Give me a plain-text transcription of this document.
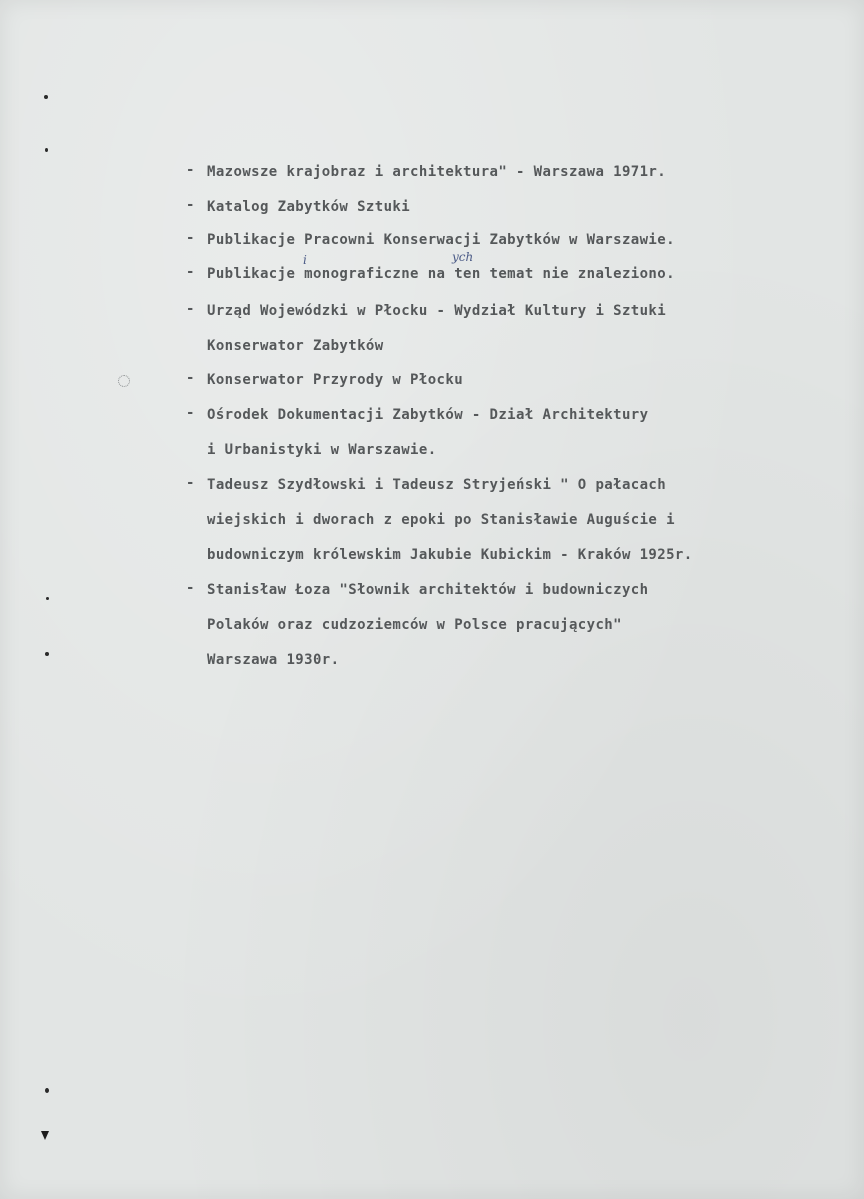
- Mazowsze krajobraz i architektura" - Warszawa 1971r.
- Katalog Zabytków Sztuki
- Publikacje Pracowni Konserwacji Zabytków w Warszawie.
- Publikacje monograficzne na ten temat nie znaleziono.
i	ych
- Urząd Wojewódzki w Płocku - Wydział Kultury i Sztuki
Konserwator Zabytków
- Konserwator Przyrody w Płocku
- Ośrodek Dokumentacji Zabytków - Dział Architektury
i Urbanistyki w Warszawie.
- Tadeusz Szydłowski i Tadeusz Stryjeński " O pałacach
wiejskich i dworach z epoki po Stanisławie Auguście i
budowniczym królewskim Jakubie Kubickim - Kraków 1925r.
- Stanisław Łoza "Słownik architektów i budowniczych
Polaków oraz cudzoziemców w Polsce pracujących"
Warszawa 1930r.
